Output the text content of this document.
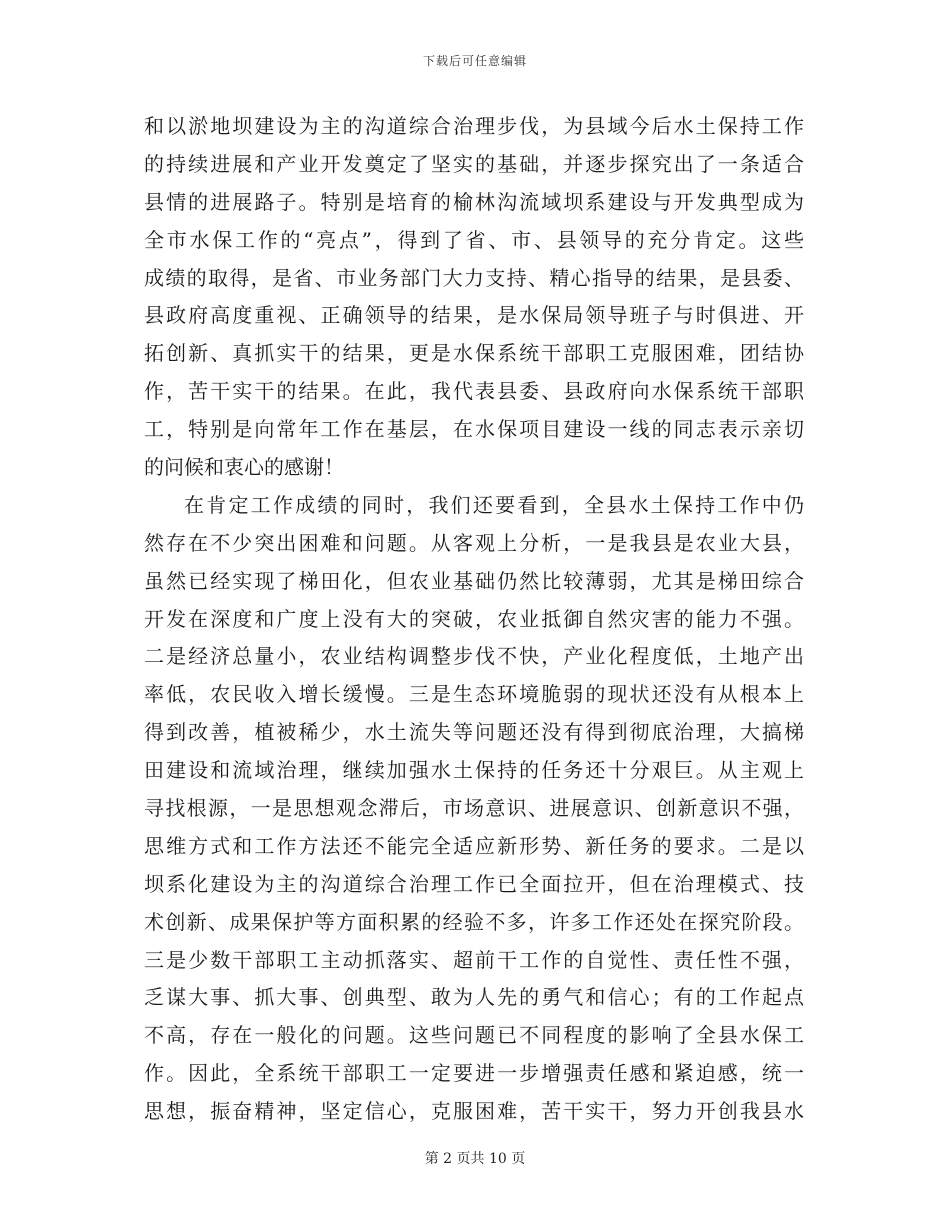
下载后可任意编辑
和以淤地坝建设为主的沟道综合治理步伐，为县域今后水土保持工作
的持续进展和产业开发奠定了坚实的基础，并逐步探究出了一条适合
县情的进展路子。特别是培育的榆林沟流域坝系建设与开发典型成为
全市水保工作的“亮点”，得到了省、市、县领导的充分肯定。这些
成绩的取得，是省、市业务部门大力支持、精心指导的结果，是县委、
县政府高度重视、正确领导的结果，是水保局领导班子与时俱进、开
拓创新、真抓实干的结果，更是水保系统干部职工克服困难，团结协
作，苦干实干的结果。在此，我代表县委、县政府向水保系统干部职
工，特别是向常年工作在基层，在水保项目建设一线的同志表示亲切
的问候和衷心的感谢！
在肯定工作成绩的同时，我们还要看到，全县水土保持工作中仍
然存在不少突出困难和问题。从客观上分析，一是我县是农业大县，
虽然已经实现了梯田化，但农业基础仍然比较薄弱，尤其是梯田综合
开发在深度和广度上没有大的突破，农业抵御自然灾害的能力不强。
二是经济总量小，农业结构调整步伐不快，产业化程度低，土地产出
率低，农民收入增长缓慢。三是生态环境脆弱的现状还没有从根本上
得到改善，植被稀少，水土流失等问题还没有得到彻底治理，大搞梯
田建设和流域治理，继续加强水土保持的任务还十分艰巨。从主观上
寻找根源，一是思想观念滞后，市场意识、进展意识、创新意识不强，
思维方式和工作方法还不能完全适应新形势、新任务的要求。二是以
坝系化建设为主的沟道综合治理工作已全面拉开，但在治理模式、技
术创新、成果保护等方面积累的经验不多，许多工作还处在探究阶段。
三是少数干部职工主动抓落实、超前干工作的自觉性、责任性不强，
乏谋大事、抓大事、创典型、敢为人先的勇气和信心；有的工作起点
不高，存在一般化的问题。这些问题已不同程度的影响了全县水保工
作。因此，全系统干部职工一定要进一步增强责任感和紧迫感，统一
思想，振奋精神，坚定信心，克服困难，苦干实干，努力开创我县水
第 2 页共 10 页
